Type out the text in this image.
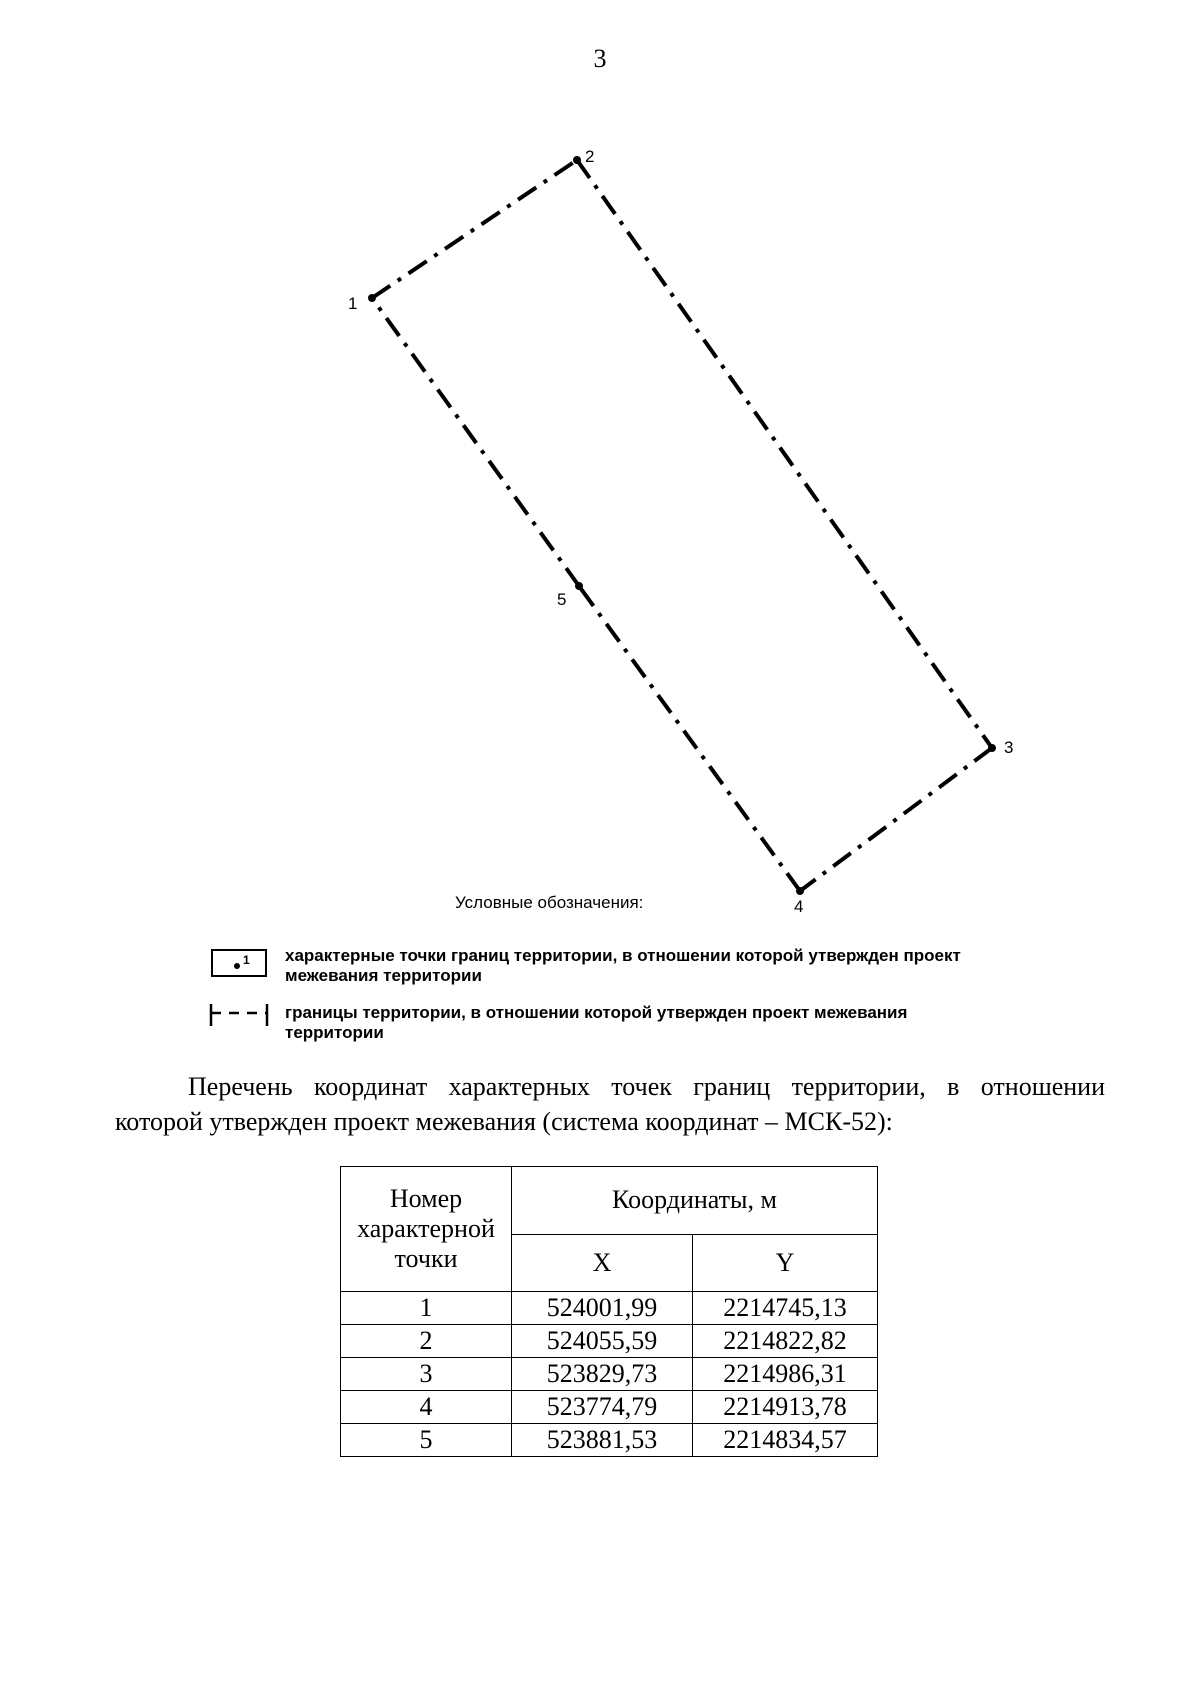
3
1
2
3
4
5
Условные обозначения:
1 характерные точки границ территории, в отношении которой утвержден проект межевания территории
границы территории, в отношении которой утвержден проект межевания территории
Перечень координат характерных точек границ территории, в отношении
которой утвержден проект межевания (система координат – МСК-52):
Номер характерной точки	Координаты, м	
	X	Y
1	524001,99	2214745,13
2	524055,59	2214822,82
3	523829,73	2214986,31
4	523774,79	2214913,78
5	523881,53	2214834,57
